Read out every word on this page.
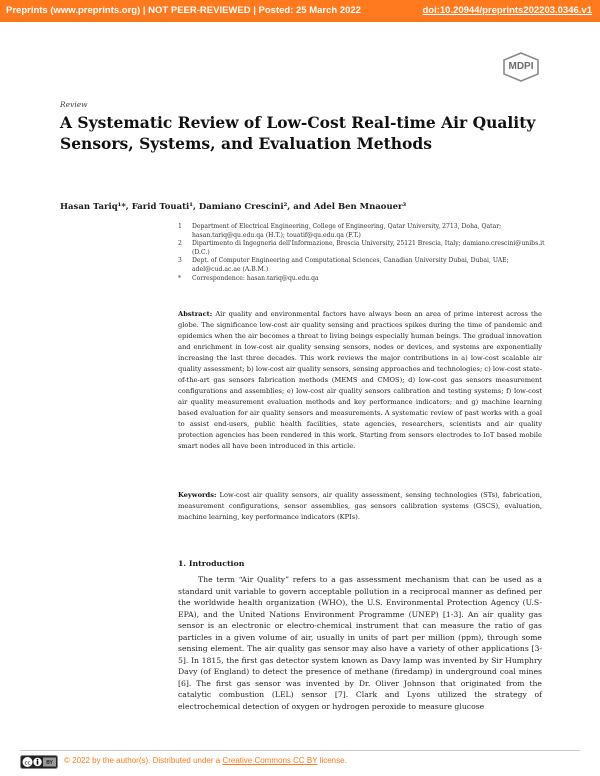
Preprints (www.preprints.org) | NOT PEER-REVIEWED | Posted: 25 March 2022	doi:10.20944/preprints202203.0346.v1
MDPI
Review
A Systematic Review of Low-Cost Real-time Air Quality Sensors, Systems, and Evaluation Methods
Hasan Tariq¹*, Farid Touati¹, Damiano Crescini², and Adel Ben Mnaouer³
1 Department of Electrical Engineering, College of Engineering, Qatar University, 2713, Doha, Qatar; hasan.tariq@qu.edu.qa (H.T.); touatif@qu.edu.qa (F.T.)
2 Dipartimento di Ingegneria dell'Informazione, Brescia University, 25121 Brescia, Italy; damiano.crescini@unibs.it (D.C.)
3 Dept. of Computer Engineering and Computational Sciences, Canadian University Dubai, Dubai, UAE; adel@cud.ac.ae (A.B.M.)
* Correspondence: hasan.tariq@qu.edu.qa
Abstract: Air quality and environmental factors have always been an area of prime interest across the globe. The significance low-cost air quality sensing and practices spikes during the time of pandemic and epidemics when the air becomes a threat to living beings especially human beings. The gradual innovation and enrichment in low-cost air quality sensing sensors, nodes or devices, and systems are exponentially increasing the last three decades. This work reviews the major contributions in a) low-cost scalable air quality assessment; b) low-cost air quality sensors, sensing approaches and technologies; c) low-cost state-of-the-art gas sensors fabrication methods (MEMS and CMOS); d) low-cost gas sensors measurement configurations and assemblies; e) low-cost air quality sensors calibration and testing systems; f) low-cost air quality measurement evaluation methods and key performance indicators; and g) machine learning based evaluation for air quality sensors and measurements. A systematic review of past works with a goal to assist end-users, public health facilities, state agencies, researchers, scientists and air quality protection agencies has been rendered in this work. Starting from sensors electrodes to IoT based mobile smart nodes all have been introduced in this article.
Keywords: Low-cost air quality sensors, air quality assessment, sensing technologies (STs), fabrication, measurement configurations, sensor assemblies, gas sensors calibration systems (GSCS), evaluation, machine learning, key performance indicators (KPIs).
1. Introduction
The term “Air Quality” refers to a gas assessment mechanism that can be used as a standard unit variable to govern acceptable pollution in a reciprocal manner as defined per the worldwide health organization (WHO), the U.S. Environmental Protection Agency (U.S-EPA), and the United Nations Environment Programme (UNEP) [1-3]. An air quality gas sensor is an electronic or electro-chemical instrument that can measure the ratio of gas particles in a given volume of air, usually in units of part per million (ppm), through some sensing element. The air quality gas sensor may also have a variety of other applications [3-5]. In 1815, the first gas detector system known as Davy lamp was invented by Sir Humphry Davy (of England) to detect the presence of methane (firedamp) in underground coal mines [6]. The first gas sensor was invented by Dr. Oliver Johnson that originated from the catalytic combustion (LEL) sensor [7]. Clark and Lyons utilized the strategy of electrochemical detection of oxygen or hydrogen peroxide to measure glucose
cc	BY © 2022 by the author(s). Distributed under a Creative Commons CC BY license.
